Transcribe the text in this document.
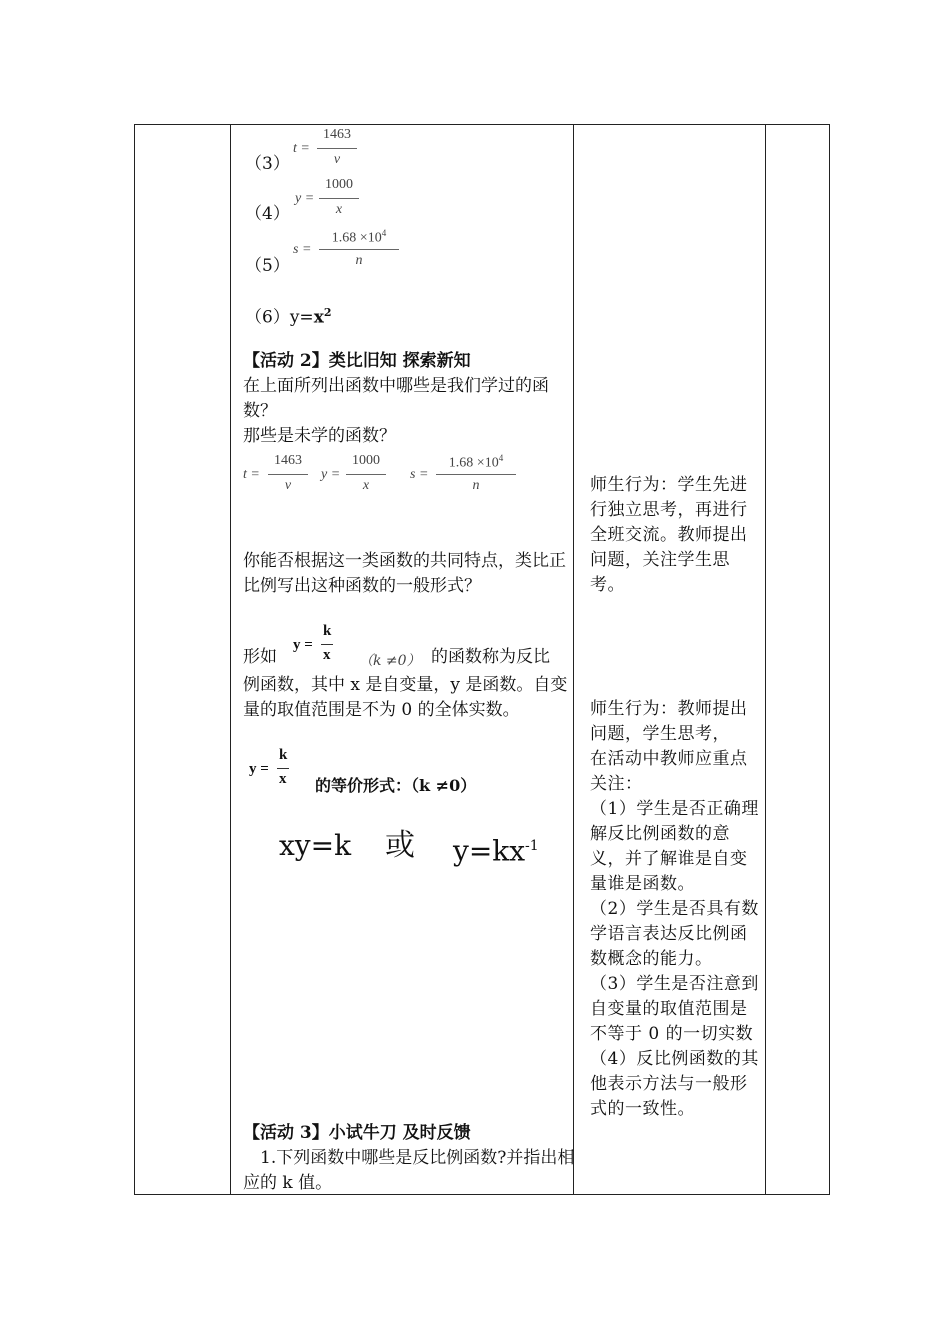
t =
1463
v
（3）
y =
1000
x
（4）
s =
$1.68 \times 10^4$
n
（5）
$(6)y=x^2$
【活动 2】类比旧知 探索新知
在上面所列出函数中哪些是我们学过的函数？
那些是未学的函数？
t =
1463
v
y =
1000
x
s =
$1.68 \times 10^4$
n
你能否根据这一类函数的共同特点，类比正比例写出这种函数的一般形式？
y =
k
x
形如	（k ≠0） 的函数称为反比
例函数，其中 x 是自变量，y 是函数。自变量的取值范围是不为 0 的全体实数。
y =
k
x 的等价形式：（k ≠0）
xy=k 或 $y=kx^{-1}$
【活动 3】小试牛刀 及时反馈
1.下列函数中哪些是反比例函数?并指出相应的 k 值。
师生行为：学生先进行独立思考，再进行全班交流。教师提出问题，关注学生思考。

师生行为：教师提出问题，学生思考，

在活动中教师应重点关注：

（1）学生是否正确理解反比例函数的意义，并了解谁是自变量谁是函数。

（2）学生是否具有数学语言表达反比例函数概念的能力。

（3）学生是否注意到自变量的取值范围是不等于 0 的一切实数

（4）反比例函数的其他表示方法与一般形式的一致性。
